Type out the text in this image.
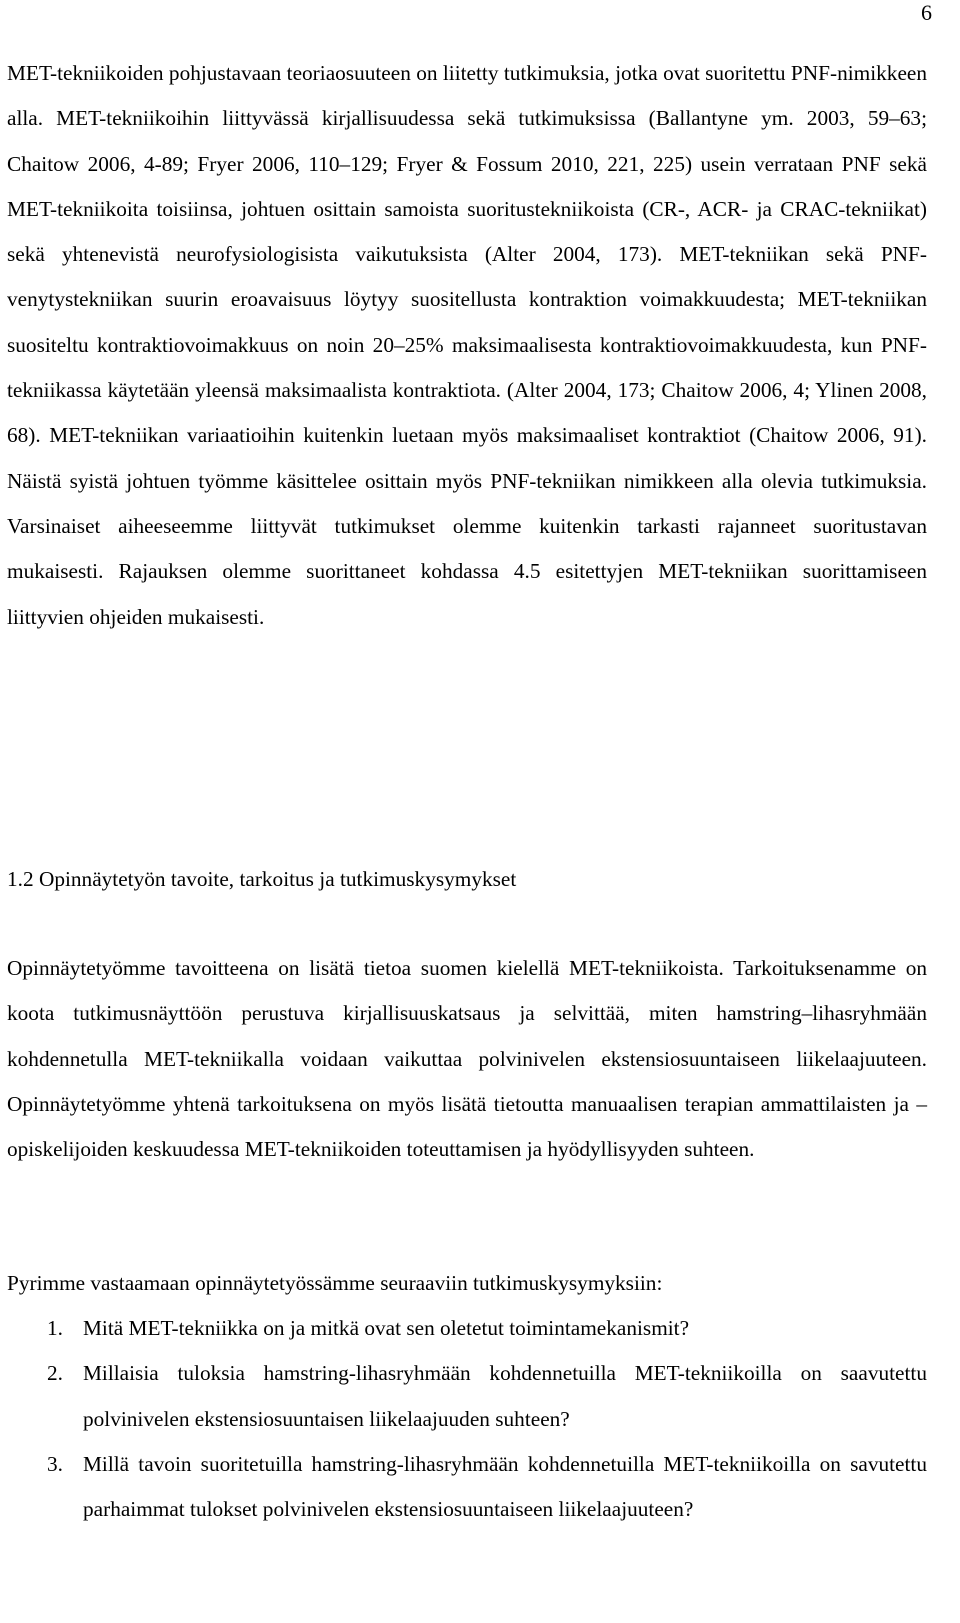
6

MET-tekniikoiden pohjustavaan teoriaosuuteen on liitetty tutkimuksia, jotka ovat suoritettu PNF-nimikkeen alla. MET-tekniikoihin liittyvässä kirjallisuudessa sekä tutkimuksissa (Ballantyne ym. 2003, 59–63; Chaitow 2006, 4-89; Fryer 2006, 110–129; Fryer & Fossum 2010, 221, 225) usein verrataan PNF sekä MET-tekniikoita toisiinsa, johtuen osittain samoista suoritustekniikoista (CR-, ACR- ja CRAC-tekniikat) sekä yhtenevistä neurofysiologisista vaikutuksista (Alter 2004, 173). MET-tekniikan sekä PNF-venytystekniikan suurin eroavaisuus löytyy suositellusta kontraktion voimakkuudesta; MET-tekniikan suositeltu kontraktiovoimakkuus on noin 20–25% maksimaalisesta kontraktiovoimakkuudesta, kun PNF-tekniikassa käytetään yleensä maksimaalista kontraktiota. (Alter 2004, 173; Chaitow 2006, 4; Ylinen 2008, 68). MET-tekniikan variaatioihin kuitenkin luetaan myös maksimaaliset kontraktiot (Chaitow 2006, 91). Näistä syistä johtuen työmme käsittelee osittain myös PNF-tekniikan nimikkeen alla olevia tutkimuksia. Varsinaiset aiheeseemme liittyvät tutkimukset olemme kuitenkin tarkasti rajanneet suoritustavan mukaisesti. Rajauksen olemme suorittaneet kohdassa 4.5 esitettyjen MET-tekniikan suorittamiseen liittyvien ohjeiden mukaisesti.

1.2 Opinnäytetyön tavoite, tarkoitus ja tutkimuskysymykset

Opinnäytetyömme tavoitteena on lisätä tietoa suomen kielellä MET-tekniikoista. Tarkoituksenamme on koota tutkimusnäyttöön perustuva kirjallisuuskatsaus ja selvittää, miten hamstring–lihasryhmään kohdennetulla MET-tekniikalla voidaan vaikuttaa polvinivelen ekstensiosuuntaiseen liikelaajuuteen. Opinnäytetyömme yhtenä tarkoituksena on myös lisätä tietoutta manuaalisen terapian ammattilaisten ja – opiskelijoiden keskuudessa MET-tekniikoiden toteuttamisen ja hyödyllisyyden suhteen.

Pyrimme vastaamaan opinnäytetyössämme seuraaviin tutkimuskysymyksiin:

1. Mitä MET-tekniikka on ja mitkä ovat sen oletetut toimintamekanismit?
2. Millaisia tuloksia hamstring-lihasryhmään kohdennetuilla MET-tekniikoilla on saavutettu polvinivelen ekstensiosuuntaisen liikelaajuuden suhteen?
3. Millä tavoin suoritetuilla hamstring-lihasryhmään kohdennetuilla MET-tekniikoilla on savutettu parhaimmat tulokset polvinivelen ekstensiosuuntaiseen liikelaajuuteen?
